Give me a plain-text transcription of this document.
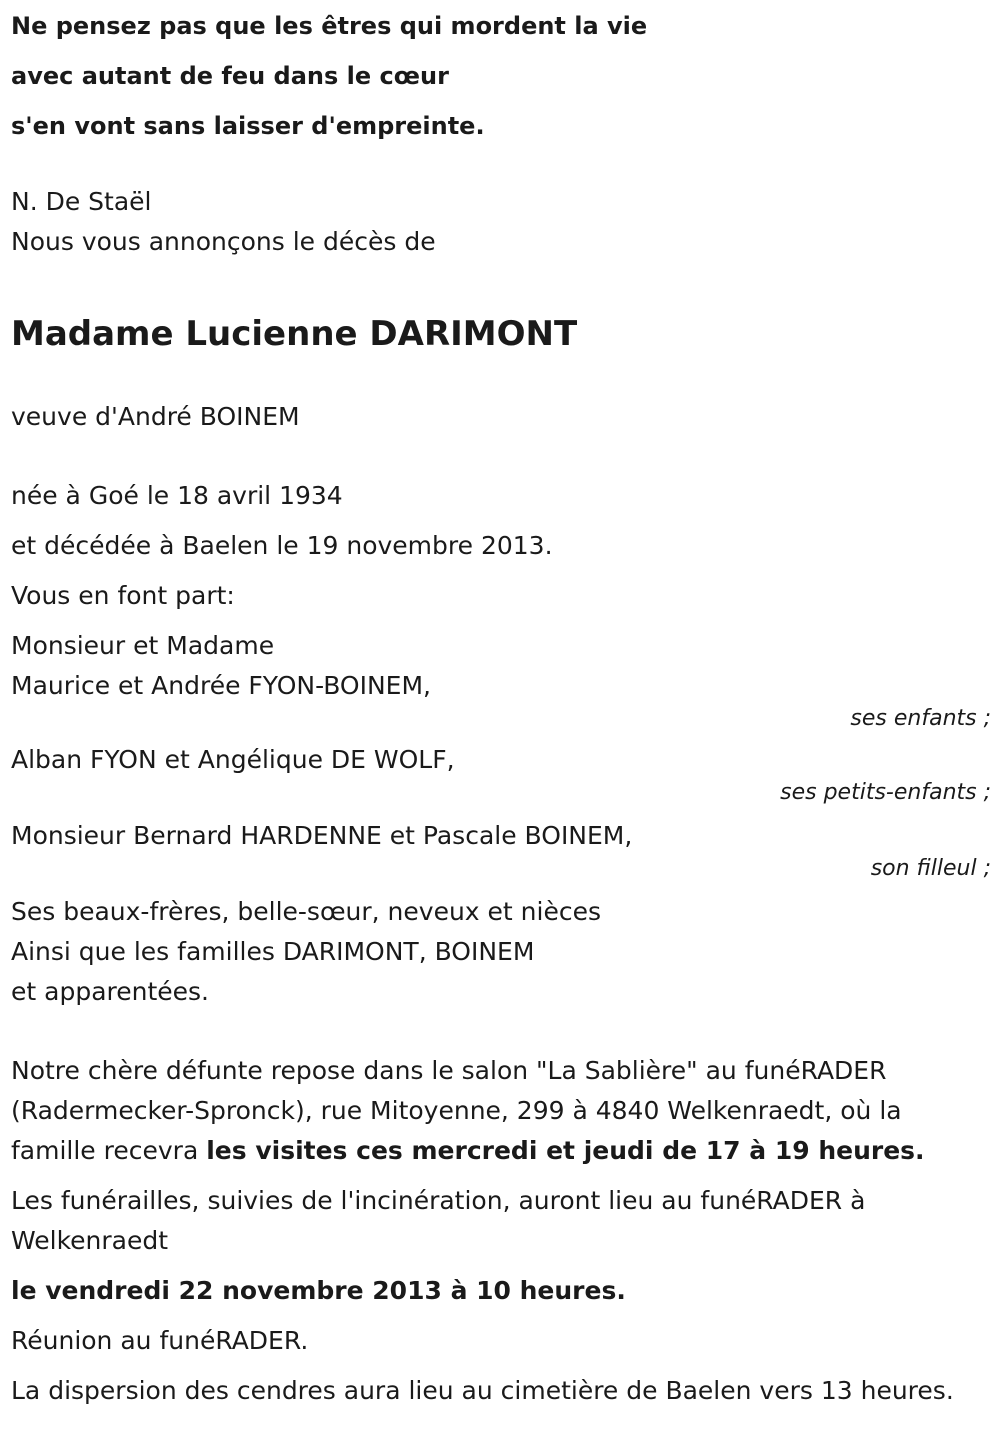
Ne pensez pas que les êtres qui mordent la vie
avec autant de feu dans le cœur
s'en vont sans laisser d'empreinte.
N. De Staël
Nous vous annonçons le décès de
Madame Lucienne DARIMONT
veuve d'André BOINEM
née à Goé le 18 avril 1934
et décédée à Baelen le 19 novembre 2013.
Vous en font part:
Monsieur et Madame
Maurice et Andrée FYON-BOINEM,
ses enfants ;
Alban FYON et Angélique DE WOLF,
ses petits-enfants ;
Monsieur Bernard HARDENNE et Pascale BOINEM,
son filleul ;
Ses beaux-frères, belle-sœur, neveux et nièces
Ainsi que les familles DARIMONT, BOINEM
et apparentées.
Notre chère défunte repose dans le salon "La Sablière" au funéRADER (Radermecker-Spronck), rue Mitoyenne, 299 à 4840 Welkenraedt, où la famille recevra les visites ces mercredi et jeudi de 17 à 19 heures.
Les funérailles, suivies de l'incinération, auront lieu au funéRADER à Welkenraedt
le vendredi 22 novembre 2013 à 10 heures.
Réunion au funéRADER.
La dispersion des cendres aura lieu au cimetière de Baelen vers 13 heures.
